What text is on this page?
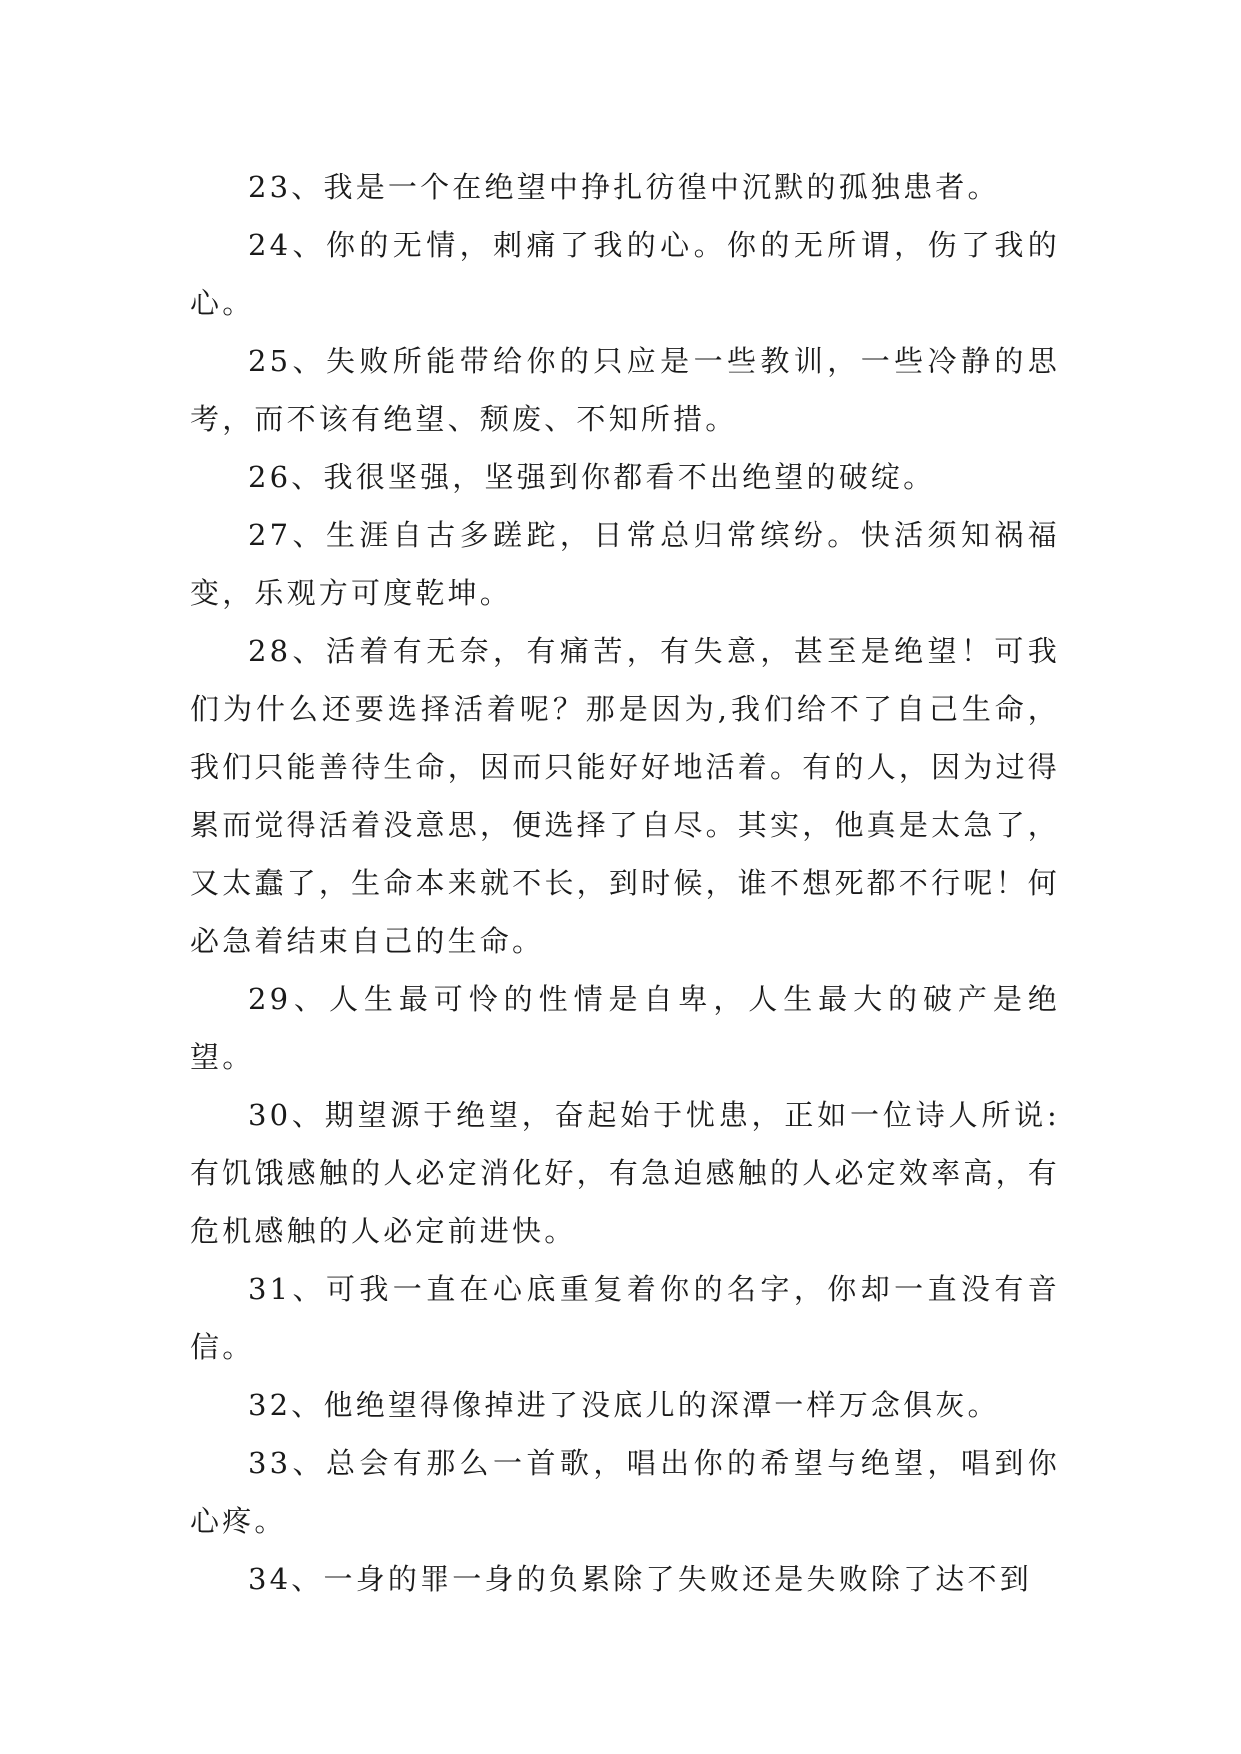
23、我是一个在绝望中挣扎彷徨中沉默的孤独患者。

24、你的无情，刺痛了我的心。你的无所谓，伤了我的心。

25、失败所能带给你的只应是一些教训，一些冷静的思考，而不该有绝望、颓废、不知所措。

26、我很坚强，坚强到你都看不出绝望的破绽。

27、生涯自古多蹉跎，日常总归常缤纷。快活须知祸福变，乐观方可度乾坤。

28、活着有无奈，有痛苦，有失意，甚至是绝望！可我们为什么还要选择活着呢？那是因为,我们给不了自己生命，我们只能善待生命，因而只能好好地活着。有的人，因为过得累而觉得活着没意思，便选择了自尽。其实，他真是太急了，又太蠢了，生命本来就不长，到时候，谁不想死都不行呢！何必急着结束自己的生命。

29、人生最可怜的性情是自卑，人生最大的破产是绝望。

30、期望源于绝望，奋起始于忧患，正如一位诗人所说:有饥饿感触的人必定消化好，有急迫感触的人必定效率高，有危机感触的人必定前进快。

31、可我一直在心底重复着你的名字，你却一直没有音信。

32、他绝望得像掉进了没底儿的深潭一样万念俱灰。

33、总会有那么一首歌，唱出你的希望与绝望，唱到你心疼。

34、一身的罪一身的负累除了失败还是失败除了达不到
